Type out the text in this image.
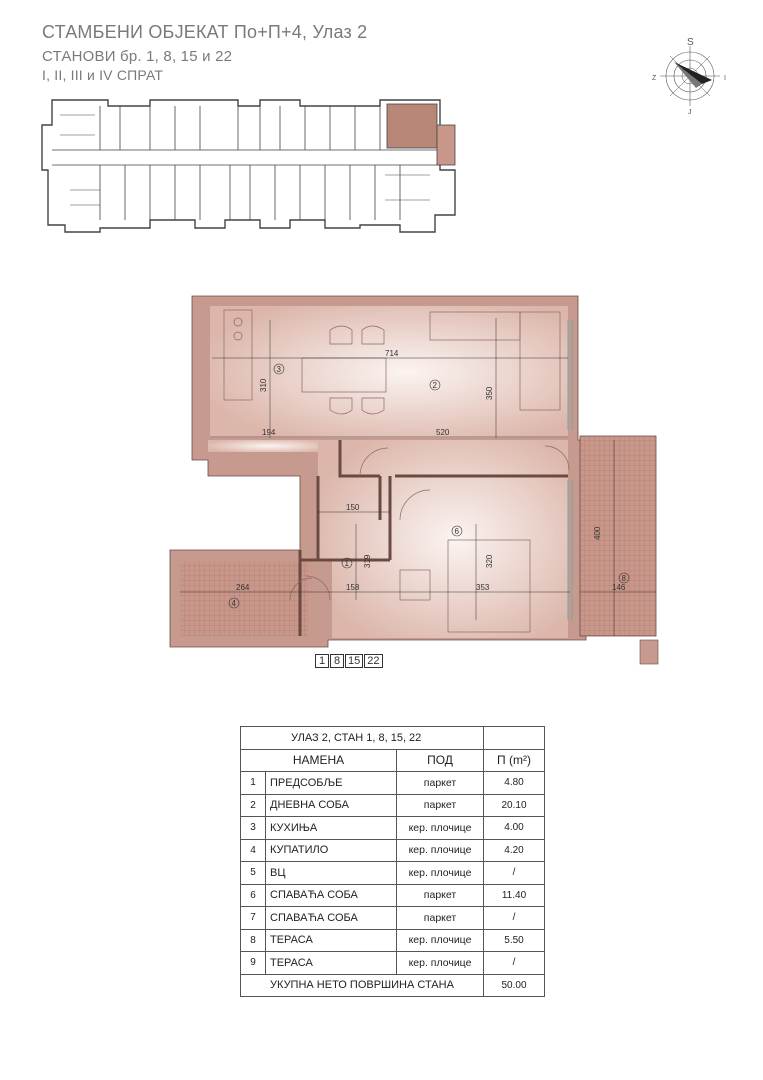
СТАМБЕНИ ОБЈЕКАТ По+П+4, Улаз 2
СТАНОВИ бр. 1, 8, 15 и 22
I, II, III и IV СПРАТ
S
Z	I
J
714
310
350
194	520
150
319	320
264	158	353
400
146
1
2
3
4
6
8
1 8 15 22
УЛАЗ 2, СТАН 1, 8, 15, 22			
НАМЕНА		ПОД	П (m²)
1	ПРЕДСОБЉЕ	паркет	4.80
2	ДНЕВНА СОБА	паркет	20.10
3	КУХИЊА	кер. плочице	4.00
4	КУПАТИЛО	кер. плочице	4.20
5	ВЦ	кер. плочице	/
6	СПАВАЋА СОБА	паркет	11.40
7	СПАВАЋА СОБА	паркет	/
8	ТЕРАСА	кер. плочице	5.50
9	ТЕРАСА	кер. плочице	/
УКУПНА НЕТО ПОВРШИНА СТАНА			50.00
